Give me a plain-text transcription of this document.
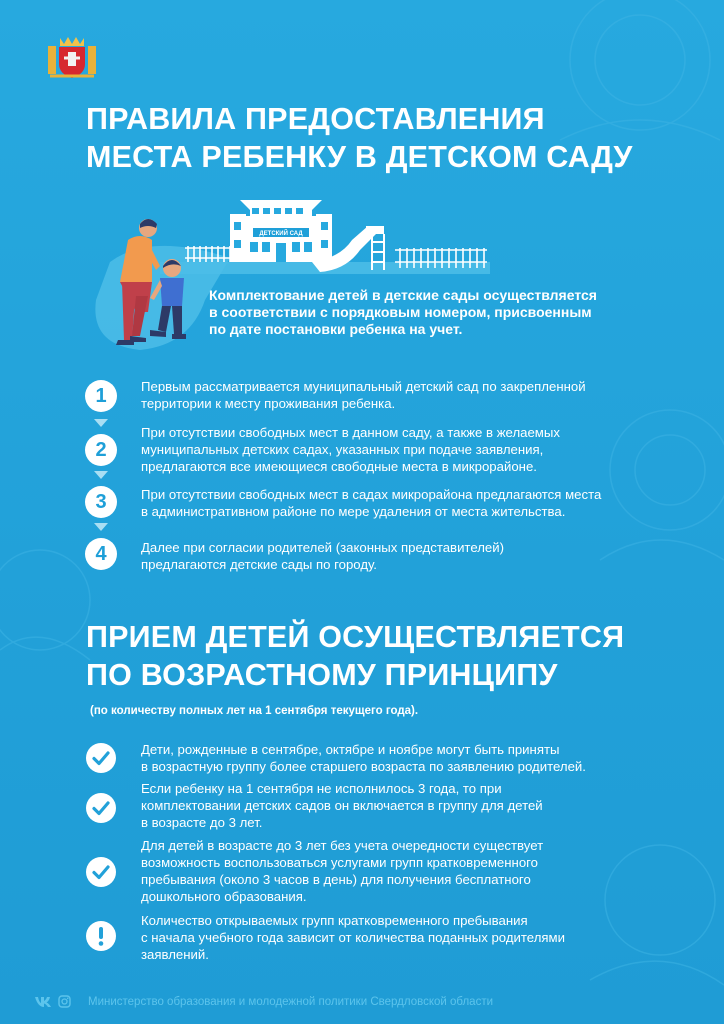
ПРАВИЛА ПРЕДОСТАВЛЕНИЯ
МЕСТА РЕБЕНКУ В ДЕТСКОМ САДУ
ДЕТСКИЙ САД

Комплектование детей в детские сады осуществляется
в соответствии с порядковым номером, присвоенным
по дате постановки ребенка на учет.

1	Первым рассматривается муниципальный детский сад по закрепленной
территории к месту проживания ребенка.
2
При отсутствии свободных мест в данном саду, а также в желаемых
муниципальных детских садах, указанных при подаче заявления,
предлагаются все имеющиеся свободные места в микрорайоне.
3	При отсутствии свободных мест в садах микрорайона предлагаются места
в административном районе по мере удаления от места жительства.
4	Далее при согласии родителей (законных представителей)
предлагаются детские сады по городу.
ПРИЕМ ДЕТЕЙ ОСУЩЕСТВЛЯЕТСЯ
ПО ВОЗРАСТНОМУ ПРИНЦИПУ

(по количеству полных лет на 1 сентября текущего года).

Дети, рожденные в сентябре, октябре и ноябре могут быть приняты
в возрастную группу более старшего возраста по заявлению родителей.
Если ребенку на 1 сентября не исполнилось 3 года, то при
комплектовании детских садов он включается в группу для детей
в возрасте до 3 лет.
Для детей в возрасте до 3 лет без учета очередности существует
возможность воспользоваться услугами групп кратковременного
пребывания (около 3 часов в день) для получения бесплатного
дошкольного образования.
Количество открываемых групп кратковременного пребывания
с начала учебного года зависит от количества поданных родителями
заявлений.
Министерство образования и молодежной политики Свердловской области
